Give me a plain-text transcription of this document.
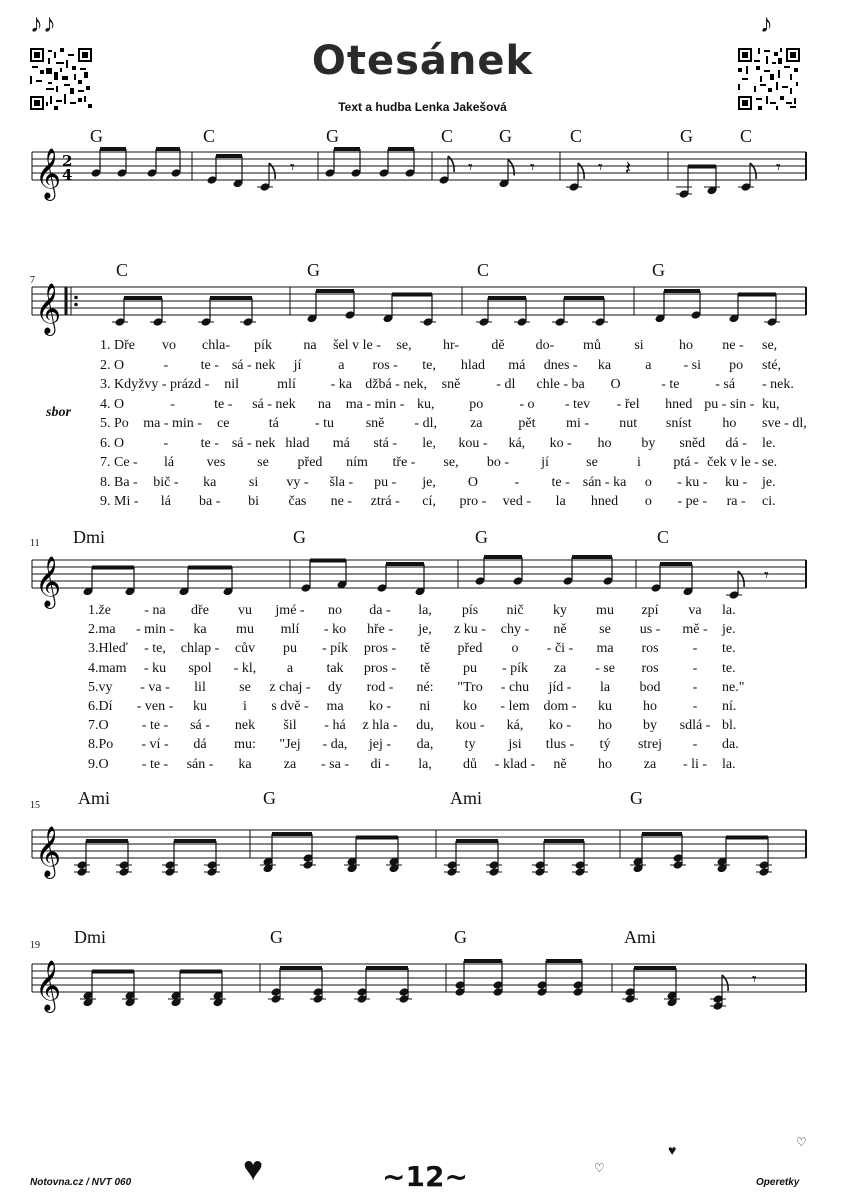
♪♪	♪
Otesánek
Text a hudba Lenka Jakešová
𝄞 2
4
𝄞
𝄞
𝄞
𝄞
𝄾	𝄾	𝄾	𝄾 𝄽	𝄾
𝄾
𝄾
G	C	G	C	G	C	G	C
C	G	C	G
7
Dmi	G	G	C
11
Ami	G	Ami	G
15
Dmi	G	G	Ami
19
sbor
1. Dře vo chla- pík na šel v le - se, hr- dě do- mů si	ho ne - se,
2. O	- te - sá - nek jí	a ros - te, hlad má dnes - ka a - si po sté,
3. Když vy - prázd - nil	mlí - ka džbá - nek, sně	- dl chle - ba O	- te	- sá - nek.
4. O	-	te - sá - nek na ma - min - ku, po	- o - tev - řel hned pu - sin - ku,
5. Po ma - min - ce	tá	- tu sně - dl, za	pět mi - nut sníst ho sve - dl,
6. O	- te - sá - nek hlad má stá - le, kou - ká, ko - ho by sněd dá - le.
7. Ce - lá ves se před ním tře - se, bo - jí	se	i ptá - ček v le - se.
8. Ba - bič - ka si vy - šla - pu - je, O	- te - sán - ka o - ku - ku - je.
9. Mi - lá ba - bi čas ne - ztrá - cí, pro - ved - la hned o - pe - ra - ci.
1.že - na dře vu jmé - no da - la, pís nič ky mu zpí va la.
2.ma - min - ka mu mlí - ko hře - je, z ku - chy - ně se us - mě - je.
3.Hleď - te, chlap - cův pu - pík pros - tě před o - či - ma ros - te.
4.mam - ku spol - kl, a tak pros - tě pu - pík za - se ros - te.
5.vy - va - lil se z chaj - dy rod - né: "Tro - chu jíd - la bod - ne."
6.Dí - ven - ku	i s dvě - ma ko - ni ko - lem dom - ku ho	- ní.
7.O - te - sá - nek šil - há z hla - du, kou - ká, ko - ho by sdlá - bl.
8.Po - ví - dá mu: "Jej - da, jej - da, ty jsi tlus - tý strej - da.
9.O - te - sán - ka za - sa - di - la, dů - klad - ně ho za - li - la.
Notovna.cz / NVT 060	~12~	Operetky
♥	♡
♥	♡
